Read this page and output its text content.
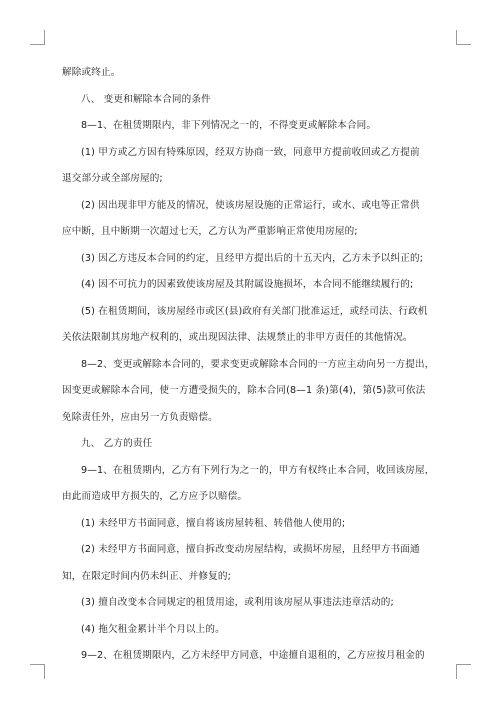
解除或终止。
八、 变更和解除本合同的条件
8—1、在租赁期限内，非下列情况之一的，不得变更或解除本合同。
(1) 甲方或乙方因有特殊原因，经双方协商一致，同意甲方提前收回或乙方提前
退交部分或全部房屋的;
(2) 因出现非甲方能及的情况，使该房屋设施的正常运行，或水、或电等正常供
应中断，且中断期一次超过七天，乙方认为严重影响正常使用房屋的;
(3) 因乙方违反本合同的约定，且经甲方提出后的十五天内，乙方未予以纠正的;
(4) 因不可抗力的因素致使该房屋及其附属设施损坏，本合同不能继续履行的;
(5) 在租赁期间，该房屋经市或区(县)政府有关部门批准运迁，或经司法、行政机
关依法限制其房地产权利的，或出现因法律、法规禁止的非甲方责任的其他情况。
8—2、变更或解除本合同的，要求变更或解除本合同的一方应主动向另一方提出，
因变更或解除本合同，使一方遭受损失的，除本合同(8—1 条)第(4)，第(5)款可依法
免除责任外，应由另一方负责赔偿。
九、 乙方的责任
9—1、在租赁期内，乙方有下列行为之一的，甲方有权终止本合同，收回该房屋，
由此而造成甲方损失的，乙方应予以赔偿。
(1) 未经甲方书面同意，擅自将该房屋转租、转借他人使用的;
(2) 未经甲方书面同意，擅自拆改变动房屋结构，或损坏房屋，且经甲方书面通
知，在限定时间内仍未纠正、并修复的;
(3) 擅自改变本合同规定的租赁用途，或利用该房屋从事违法违章活动的;
(4) 拖欠租金累计半个月以上的。
9—2、在租赁期限内，乙方未经甲方同意，中途擅自退租的，乙方应按月租金的
